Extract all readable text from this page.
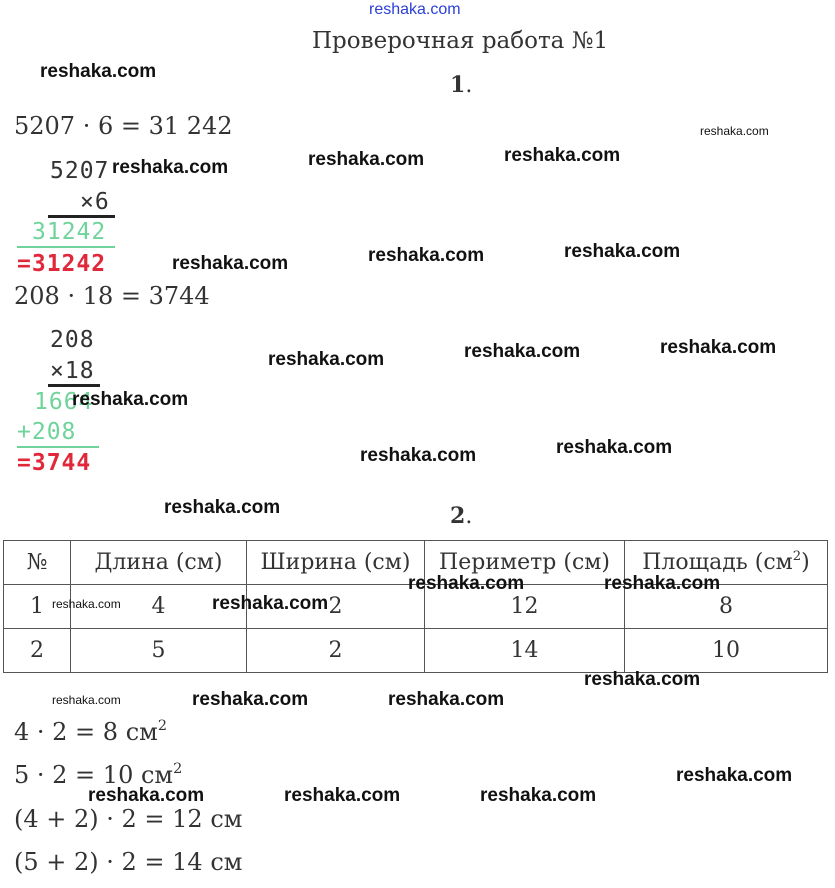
reshaka.com
Проверочная работа №1
1.
5207 · 6 = 31 242
5207
×6
31242
=31242
208 · 18 = 3744
208
×18
1664
+208
=3744
2.
№	Длина (см)	Ширина (см)	Периметр (см)	Площадь $(см^2)$
1	4	2	12	8
2	5	2	14	10
4 · 2 = 8 $см^2$
5 · 2 = 10 $см^2$
(4 + 2) · 2 = 12 см
(5 + 2) · 2 = 14 см
reshaka.com
reshaka.com
reshaka.com	reshaka.com	reshaka.com
reshaka.com	reshaka.com
reshaka.com
reshaka.com	reshaka.com	reshaka.com
reshaka.com
reshaka.com	reshaka.com
reshaka.com
reshaka.com	reshaka.com
reshaka.com	reshaka.com
reshaka.com
reshaka.com	reshaka.com	reshaka.com
reshaka.com
reshaka.com	reshaka.com	reshaka.com
